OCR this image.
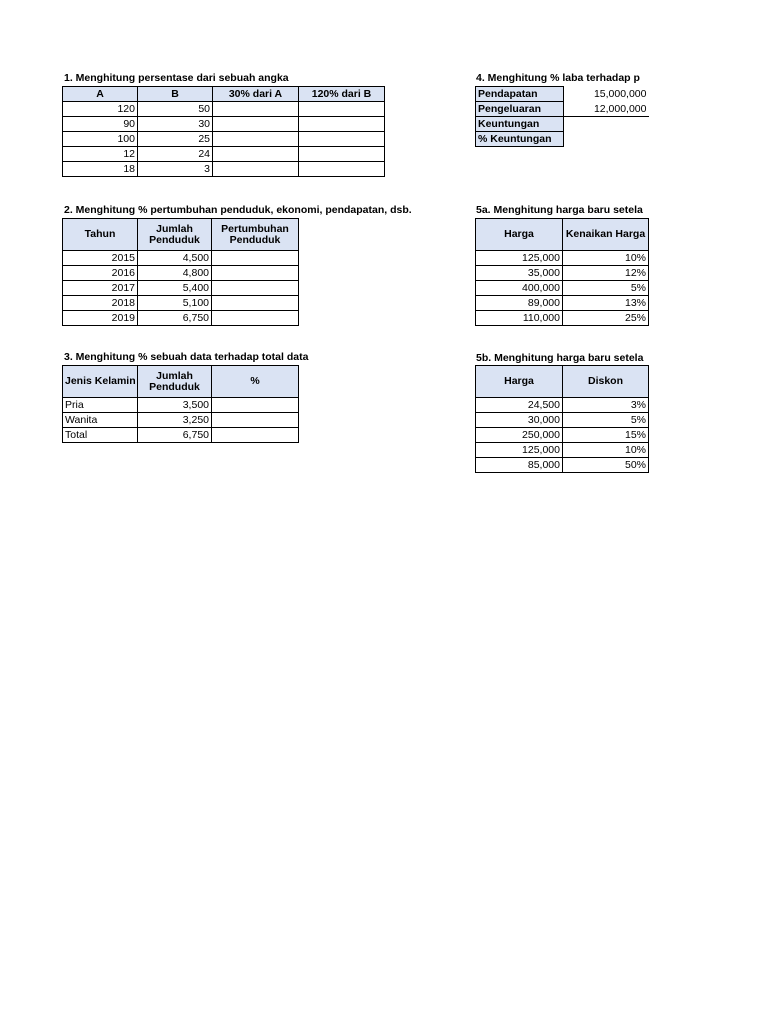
1. Menghitung persentase dari sebuah angka
A	B	30% dari A	120% dari B
120	50		
90	30		
100	25		
12	24		
18	3		
4. Menghitung % laba terhadap p
Pendapatan	15,000,000
Pengeluaran	12,000,000
Keuntungan	
% Keuntungan	
2. Menghitung % pertumbuhan penduduk, ekonomi, pendapatan, dsb.
Tahun	Jumlah Penduduk	Pertumbuhan Penduduk
2015	4,500	
2016	4,800	
2017	5,400	
2018	5,100	
2019	6,750	
5a. Menghitung harga baru setela
Harga	Kenaikan Harga
125,000	10%
35,000	12%
400,000	5%
89,000	13%
110,000	25%
3. Menghitung % sebuah data terhadap total data
Jenis Kelamin	Jumlah Penduduk	%
Pria	3,500	
Wanita	3,250	
Total	6,750	
5b. Menghitung harga baru setela
Harga	Diskon
24,500	3%
30,000	5%
250,000	15%
125,000	10%
85,000	50%
